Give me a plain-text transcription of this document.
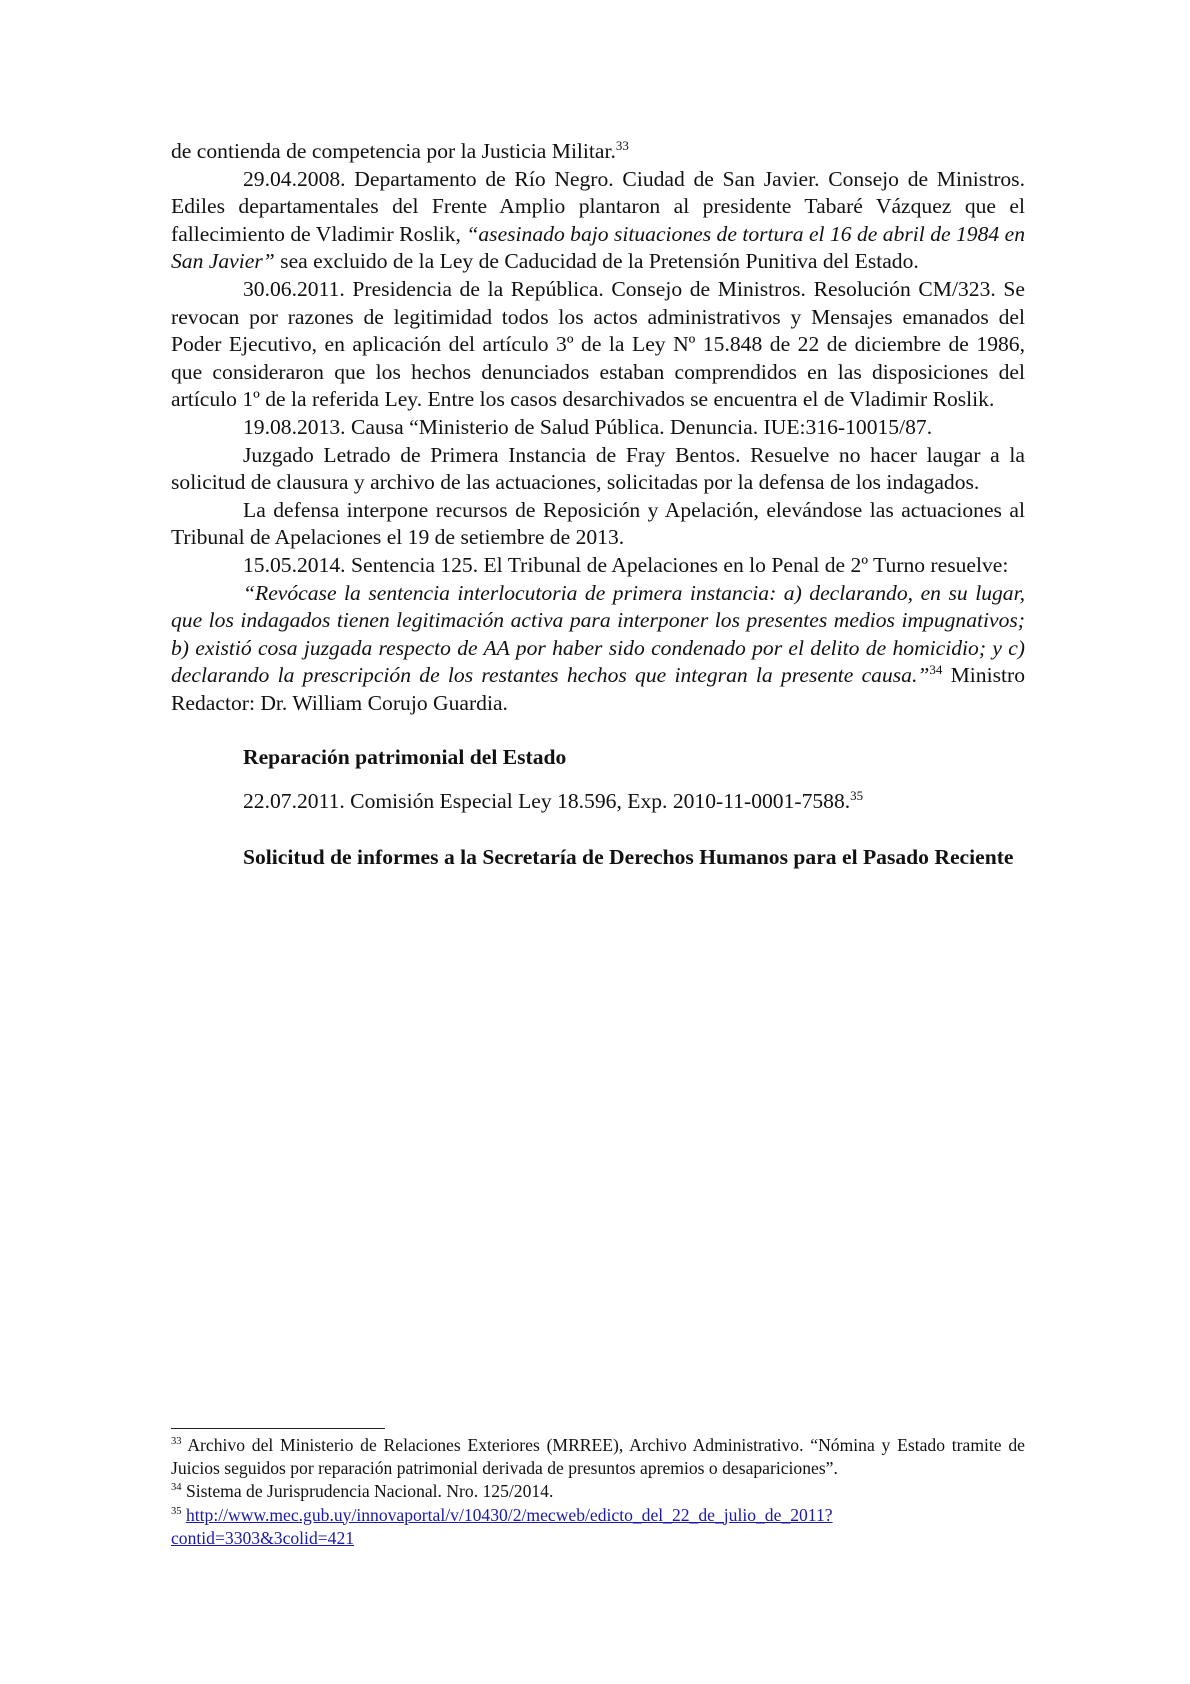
de contienda de competencia por la Justicia Militar.$^{33}$

29.04.2008. Departamento de Río Negro. Ciudad de San Javier. Consejo de Ministros. Ediles departamentales del Frente Amplio plantaron al presidente Tabaré Vázquez que el fallecimiento de Vladimir Roslik, “asesinado bajo situaciones de tortura el 16 de abril de 1984 en San Javier” sea excluido de la Ley de Caducidad de la Pretensión Punitiva del Estado.

30.06.2011. Presidencia de la República. Consejo de Ministros. Resolución CM/323. Se revocan por razones de legitimidad todos los actos administrativos y Mensajes emanados del Poder Ejecutivo, en aplicación del artículo 3º de la Ley Nº 15.848 de 22 de diciembre de 1986, que consideraron que los hechos denunciados estaban comprendidos en las disposiciones del artículo 1º de la referida Ley. Entre los casos desarchivados se encuentra el de Vladimir Roslik.

19.08.2013. Causa “Ministerio de Salud Pública. Denuncia. IUE:316-10015/87.

Juzgado Letrado de Primera Instancia de Fray Bentos. Resuelve no hacer laugar a la solicitud de clausura y archivo de las actuaciones, solicitadas por la defensa de los indagados.

La defensa interpone recursos de Reposición y Apelación, elevándose las actuaciones al Tribunal de Apelaciones el 19 de setiembre de 2013.

15.05.2014. Sentencia 125. El Tribunal de Apelaciones en lo Penal de 2º Turno resuelve:

“Revócase la sentencia interlocutoria de primera instancia: a) declarando, en su lugar, que los indagados tienen legitimación activa para interponer los presentes medios impugnativos; b) existió cosa juzgada respecto de AA por haber sido condenado por el delito de homicidio; y c) declarando la prescripción de los restantes hechos que integran la presente causa.”$^{34}$ Ministro Redactor: Dr. William Corujo Guardia.

Reparación patrimonial del Estado

22.07.2011. Comisión Especial Ley 18.596, Exp. 2010-11-0001-7588.35

Solicitud de informes a la Secretaría de Derechos Humanos para el Pasado Reciente

$^{33}$ Archivo del Ministerio de Relaciones Exteriores (MRREE), Archivo Administrativo. “Nómina y Estado tramite de Juicios seguidos por reparación patrimonial derivada de presuntos apremios o desapariciones”.

$^{34}$ Sistema de Jurisprudencia Nacional. Nro. 125/2014.

$^{35}$ http://www.mec.gub.uy/innovaportal/v/10430/2/mecweb/edicto_del_22_de_julio_de_2011?
contid=3303&3colid=421
